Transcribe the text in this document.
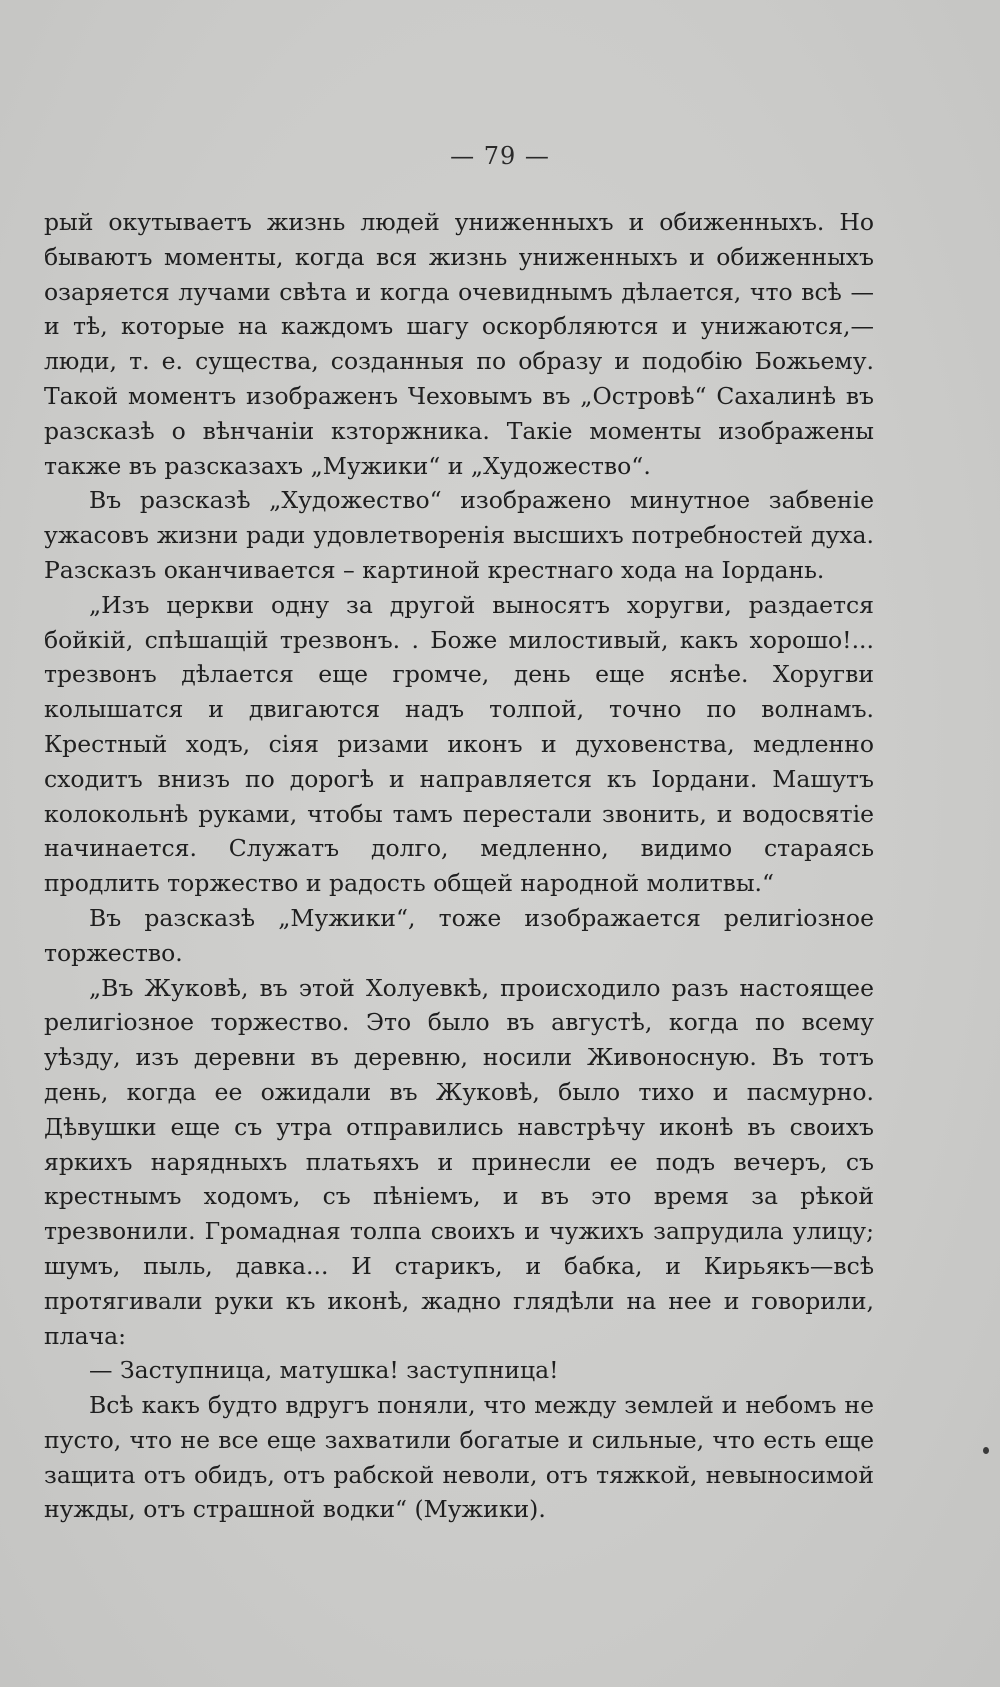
— 79 —

рый окутываетъ жизнь людей униженныхъ и обиженныхъ. Но бываютъ моменты, когда вся жизнь униженныхъ и обиженныхъ озаряется лучами свѣта и когда очевиднымъ дѣлается, что всѣ —и тѣ, которые на каждомъ шагу оскорбляются и унижаются,— люди, т. е. существа, созданныя по образу и подобію Божьему. Такой моментъ изображенъ Чеховымъ въ „Островѣ“ Сахалинѣ въ разсказѣ о вѣнчаніи кзторжника. Такіе моменты изображены также въ разсказахъ „Мужики“ и „Художество“.

Въ разсказѣ „Художество“ изображено минутное забвеніе ужасовъ жизни ради удовлетворенія высшихъ потребностей духа. Разсказъ оканчивается – картиной крестнаго хода на Іордань.

„Изъ церкви одну за другой выносятъ хоругви, раздается бойкій, спѣшащій трезвонъ. . Боже милостивый, какъ хорошо!... трезвонъ дѣлается еще громче, день еще яснѣе. Хоругви колышатся и двигаются надъ толпой, точно по волнамъ. Крестный ходъ, сіяя ризами иконъ и духовенства, медленно сходитъ внизъ по дорогѣ и направляется къ Іордани. Машутъ колокольнѣ руками, чтобы тамъ перестали звонить, и водосвятіе начинается. Служатъ долго, медленно, видимо стараясь продлить торжество и радость общей народной молитвы.“

Въ разсказѣ „Мужики“, тоже изображается религіозное торжество.

„Въ Жуковѣ, въ этой Холуевкѣ, происходило разъ настоящее религіозное торжество. Это было въ августѣ, когда по всему уѣзду, изъ деревни въ деревню, носили Живоносную. Въ тотъ день, когда ее ожидали въ Жуковѣ, было тихо и пасмурно. Дѣвушки еще съ утра отправились навстрѣчу иконѣ въ своихъ яркихъ нарядныхъ платьяхъ и принесли ее подъ вечеръ, съ крестнымъ ходомъ, съ пѣніемъ, и въ это время за рѣкой трезвонили. Громадная толпа своихъ и чужихъ запрудила улицу; шумъ, пыль, давка... И старикъ, и бабка, и Кирьякъ—всѣ протягивали руки къ иконѣ, жадно глядѣли на нее и говорили, плача:

— Заступница, матушка! заступница!

Всѣ какъ будто вдругъ поняли, что между землей и небомъ не пусто, что не все еще захватили богатые и сильные, что есть еще защита отъ обидъ, отъ рабской неволи, отъ тяжкой, невыносимой нужды, отъ страшной водки“ (Мужики).
